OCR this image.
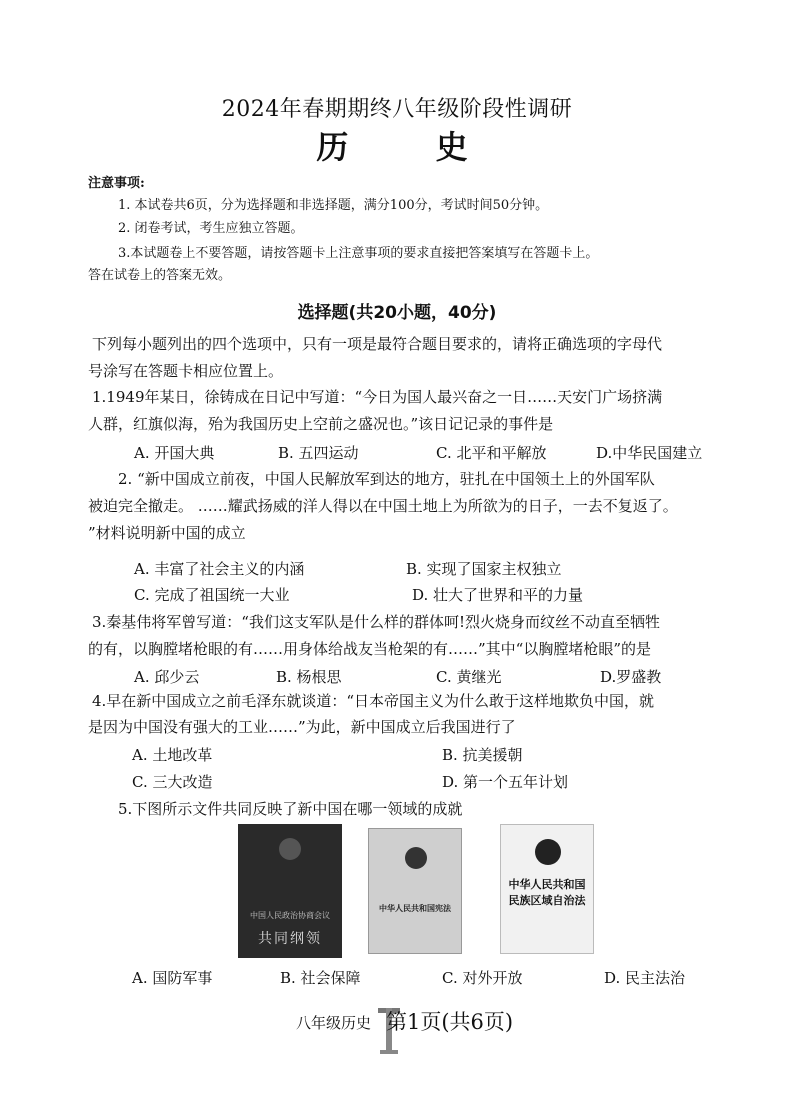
2024年春期期终八年级阶段性调研
历 史
注意事项:
1. 本试卷共6页，分为选择题和非选择题，满分100分，考试时间50分钟。
2. 闭卷考试，考生应独立答题。
3.本试题卷上不要答题，请按答题卡上注意事项的要求直接把答案填写在答题卡上。
答在试卷上的答案无效。
选择题(共20小题，40分)
下列每小题列出的四个选项中，只有一项是最符合题目要求的，请将正确选项的字母代
号涂写在答题卡相应位置上。
1.1949年某日，徐铸成在日记中写道：“今日为国人最兴奋之一日……天安门广场挤满
人群，红旗似海，殆为我国历史上空前之盛况也。”该日记记录的事件是
A. 开国大典	B. 五四运动	C. 北平和平解放	D.中华民国建立
2. “新中国成立前夜，中国人民解放军到达的地方，驻扎在中国领土上的外国军队
被迫完全撤走。 ……耀武扬威的洋人得以在中国土地上为所欲为的日子，一去不复返了。
”材料说明新中国的成立
A. 丰富了社会主义的内涵	B. 实现了国家主权独立
C. 完成了祖国统一大业	D. 壮大了世界和平的力量
3.秦基伟将军曾写道：“我们这支军队是什么样的群体呵!烈火烧身而纹丝不动直至牺牲
的有，以胸膛堵枪眼的有……用身体给战友当枪架的有……”其中“以胸膛堵枪眼”的是
A. 邱少云	B. 杨根思	C. 黄继光	D.罗盛教
4.早在新中国成立之前毛泽东就谈道：“日本帝国主义为什么敢于这样地欺负中国，就
是因为中国没有强大的工业……”为此，新中国成立后我国进行了
A. 土地改革	B. 抗美援朝
C. 三大改造	D. 第一个五年计划
5.下图所示文件共同反映了新中国在哪一领域的成就
中国人民政治协商会议
共同纲领
中华人民共和国宪法
中华人民共和国民族区域自治法
A. 国防军事	B. 社会保障	C. 对外开放	D. 民主法治
八年级历史 第1页(共6页)
